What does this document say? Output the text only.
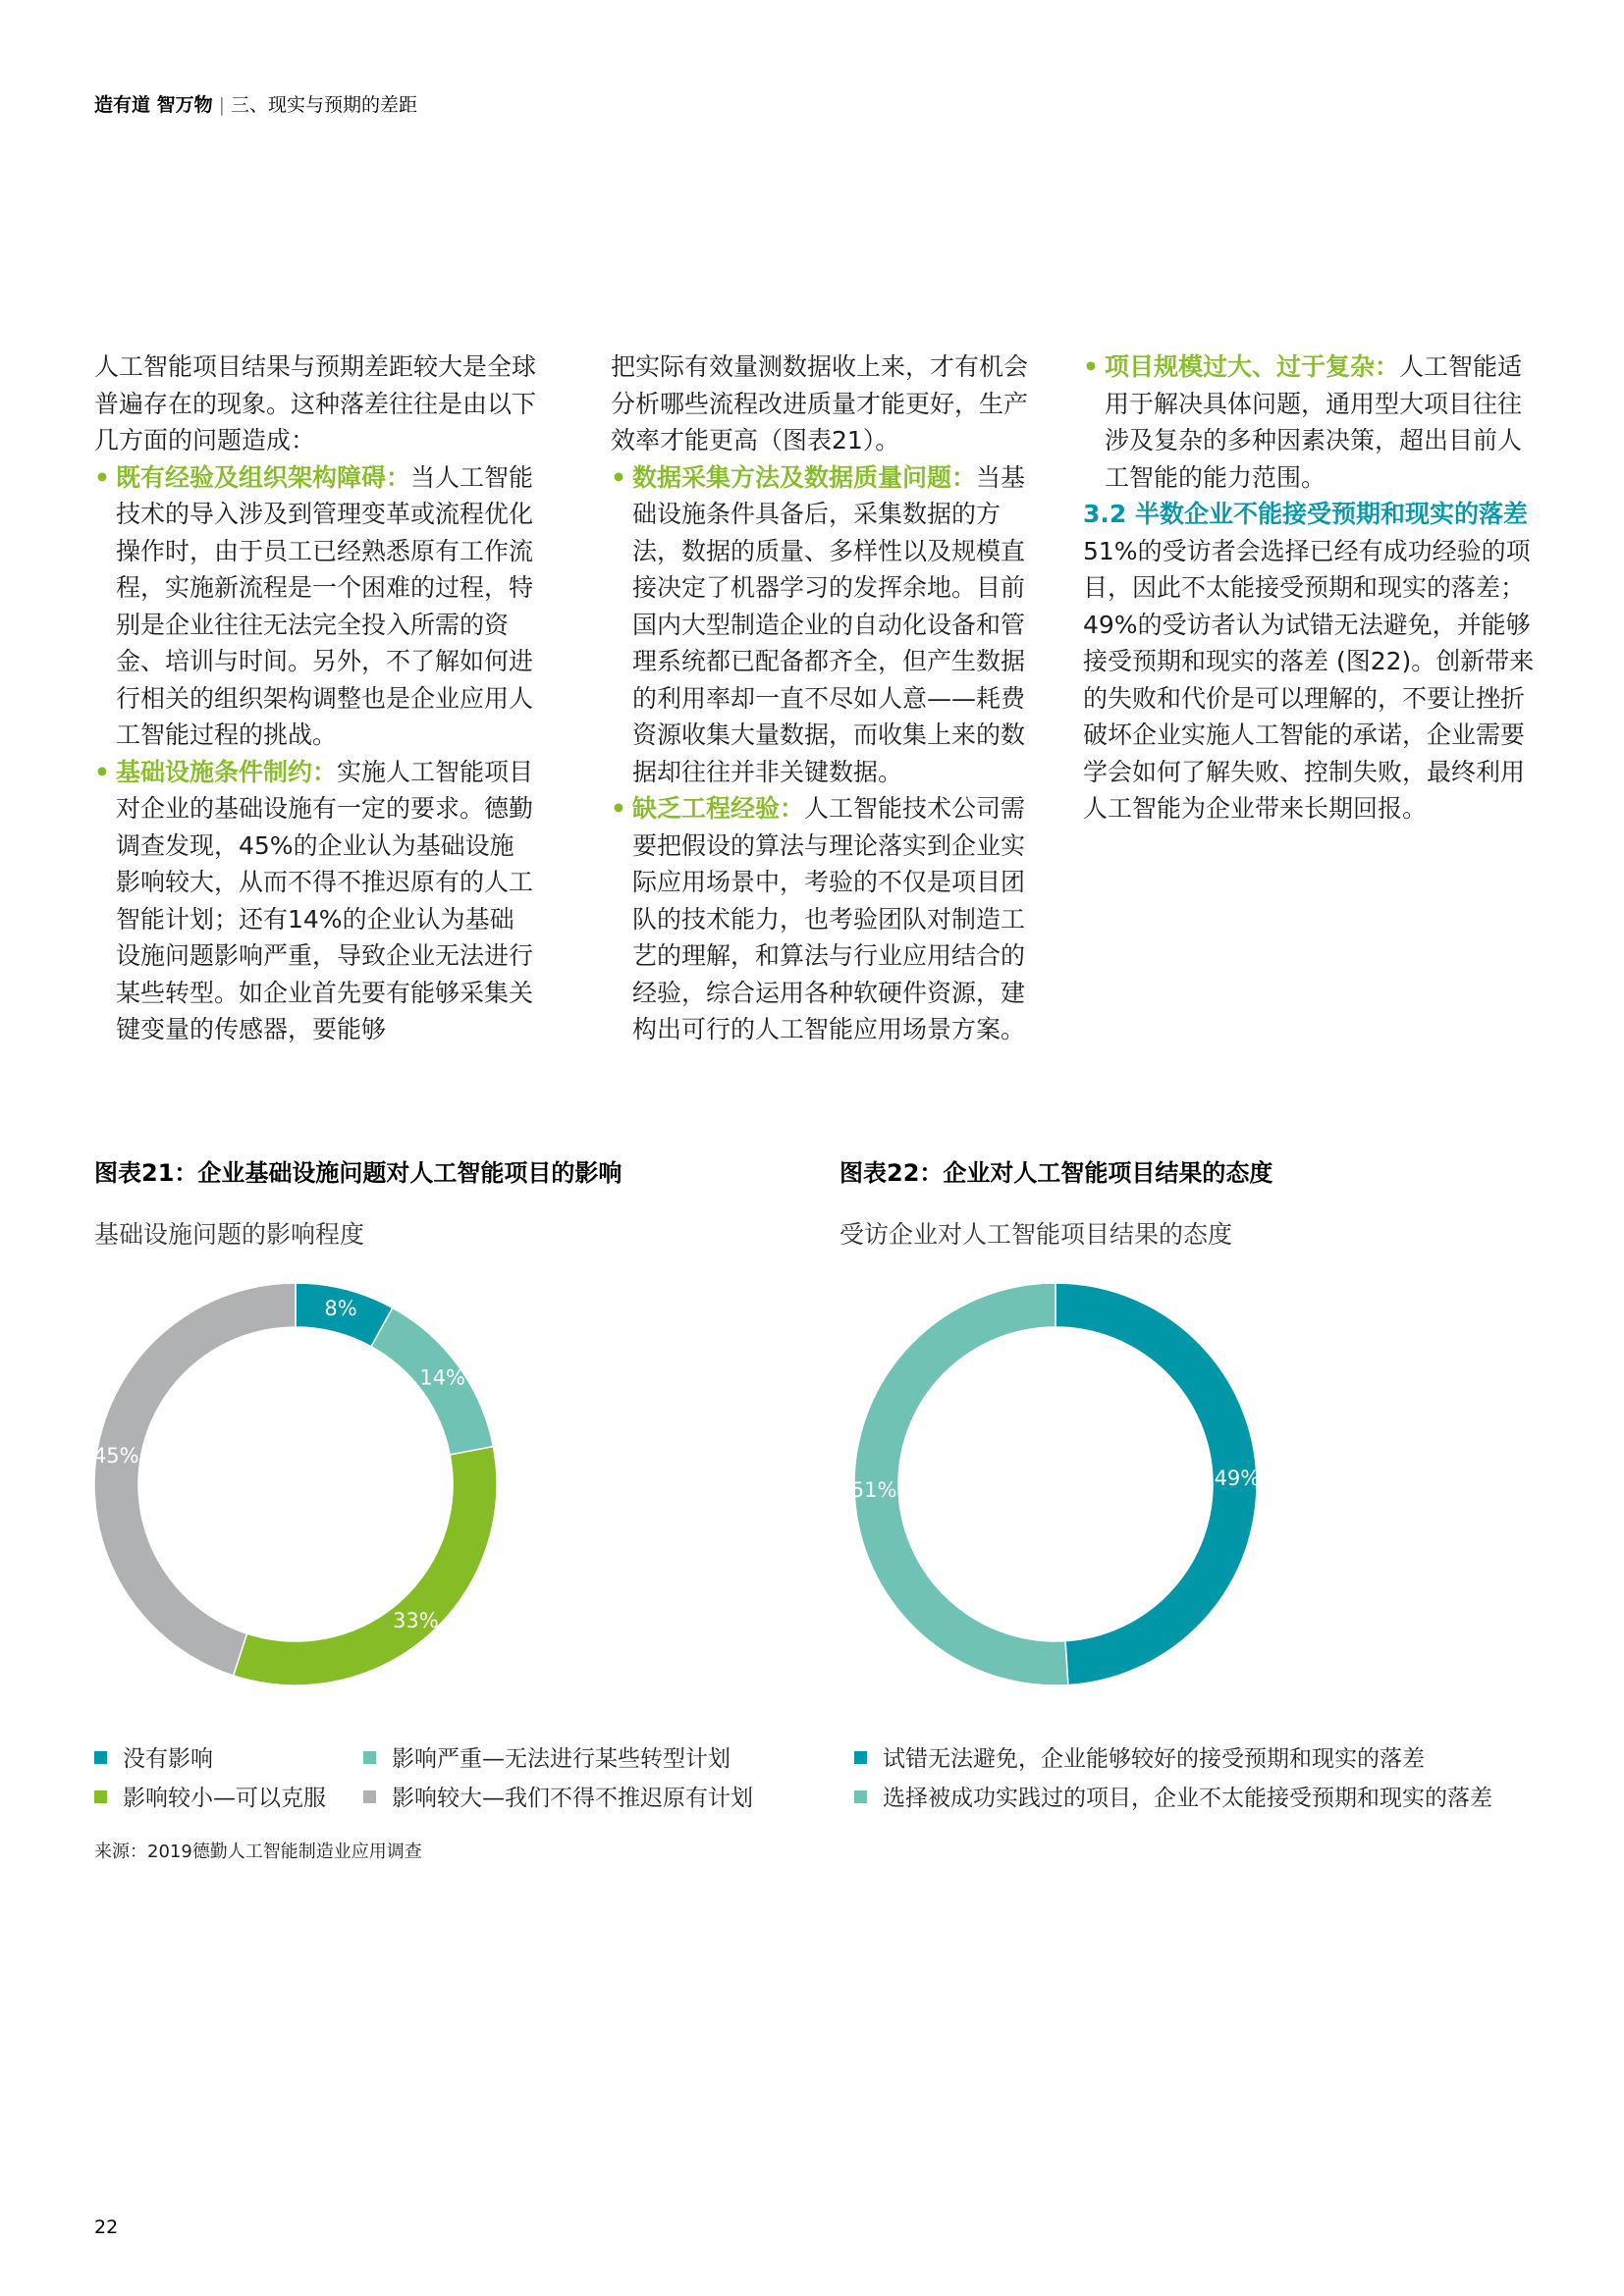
造有道 智万物 | 三、现实与预期的差距

人工智能项目结果与预期差距较大是全球普遍存在的现象。这种落差往往是由以下几方面的问题造成：

• 既有经验及组织架构障碍：当人工智能技术的导入涉及到管理变革或流程优化操作时，由于员工已经熟悉原有工作流程，实施新流程是一个困难的过程，特别是企业往往无法完全投入所需的资金、培训与时间。另外，不了解如何进行相关的组织架构调整也是企业应用人工智能过程的挑战。

• 基础设施条件制约：实施人工智能项目对企业的基础设施有一定的要求。德勤调查发现，45%的企业认为基础设施影响较大，从而不得不推迟原有的人工智能计划；还有14%的企业认为基础设施问题影响严重，导致企业无法进行某些转型。如企业首先要有能够采集关键变量的传感器，要能够

把实际有效量测数据收上来，才有机会分析哪些流程改进质量才能更好，生产效率才能更高（图表21）。

• 数据采集方法及数据质量问题：当基础设施条件具备后，采集数据的方法，数据的质量、多样性以及规模直接决定了机器学习的发挥余地。目前国内大型制造企业的自动化设备和管理系统都已配备都齐全，但产生数据的利用率却一直不尽如人意——耗费资源收集大量数据，而收集上来的数据却往往并非关键数据。

• 缺乏工程经验：人工智能技术公司需要把假设的算法与理论落实到企业实际应用场景中，考验的不仅是项目团队的技术能力，也考验团队对制造工艺的理解，和算法与行业应用结合的经验，综合运用各种软硬件资源，建构出可行的人工智能应用场景方案。

• 项目规模过大、过于复杂：人工智能适用于解决具体问题，通用型大项目往往涉及复杂的多种因素决策，超出目前人工智能的能力范围。

3.2 半数企业不能接受预期和现实的落差

51%的受访者会选择已经有成功经验的项目，因此不太能接受预期和现实的落差；49%的受访者认为试错无法避免，并能够接受预期和现实的落差 (图22)。创新带来的失败和代价是可以理解的，不要让挫折破坏企业实施人工智能的承诺，企业需要学会如何了解失败、控制失败，最终利用人工智能为企业带来长期回报。

图表21：企业基础设施问题对人工智能项目的影响
基础设施问题的影响程度
图表22：企业对人工智能项目结果的态度
受访企业对人工智能项目结果的态度
8%
14%
33%
45%
49%
51%
没有影响	影响严重—无法进行某些转型计划
影响较小—可以克服	影响较大—我们不得不推迟原有计划
试错无法避免，企业能够较好的接受预期和现实的落差
选择被成功实践过的项目，企业不太能接受预期和现实的落差
来源：2019德勤人工智能制造业应用调查
22
